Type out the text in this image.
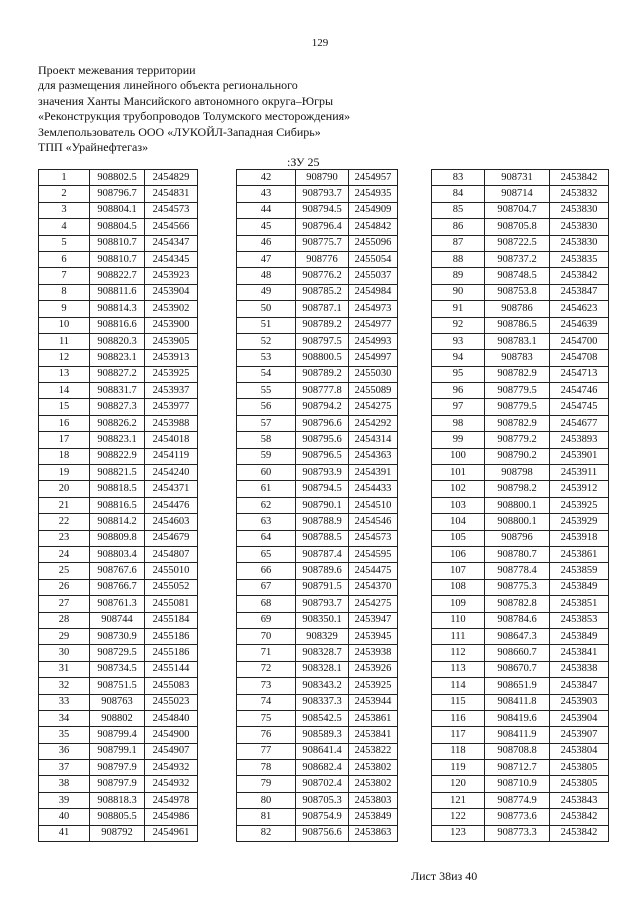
129
Проект межевания территории
для размещения линейного объекта регионального
значения Ханты Мансийского автономного округа–Югры
«Реконструкция трубопроводов Толумского месторождения»
Землепользователь ООО «ЛУКОЙЛ-Западная Сибирь»
ТПП «Урайнефтегаз»
:ЗУ 25
1	908802.5	2454829
2	908796.7	2454831
3	908804.1	2454573
4	908804.5	2454566
5	908810.7	2454347
6	908810.7	2454345
7	908822.7	2453923
8	908811.6	2453904
9	908814.3	2453902
10	908816.6	2453900
11	908820.3	2453905
12	908823.1	2453913
13	908827.2	2453925
14	908831.7	2453937
15	908827.3	2453977
16	908826.2	2453988
17	908823.1	2454018
18	908822.9	2454119
19	908821.5	2454240
20	908818.5	2454371
21	908816.5	2454476
22	908814.2	2454603
23	908809.8	2454679
24	908803.4	2454807
25	908767.6	2455010
26	908766.7	2455052
27	908761.3	2455081
28	908744	2455184
29	908730.9	2455186
30	908729.5	2455186
31	908734.5	2455144
32	908751.5	2455083
33	908763	2455023
34	908802	2454840
35	908799.4	2454900
36	908799.1	2454907
37	908797.9	2454932
38	908797.9	2454932
39	908818.3	2454978
40	908805.5	2454986
41	908792	2454961
42	908790	2454957
43	908793.7	2454935
44	908794.5	2454909
45	908796.4	2454842
46	908775.7	2455096
47	908776	2455054
48	908776.2	2455037
49	908785.2	2454984
50	908787.1	2454973
51	908789.2	2454977
52	908797.5	2454993
53	908800.5	2454997
54	908789.2	2455030
55	908777.8	2455089
56	908794.2	2454275
57	908796.6	2454292
58	908795.6	2454314
59	908796.5	2454363
60	908793.9	2454391
61	908794.5	2454433
62	908790.1	2454510
63	908788.9	2454546
64	908788.5	2454573
65	908787.4	2454595
66	908789.6	2454475
67	908791.5	2454370
68	908793.7	2454275
69	908350.1	2453947
70	908329	2453945
71	908328.7	2453938
72	908328.1	2453926
73	908343.2	2453925
74	908337.3	2453944
75	908542.5	2453861
76	908589.3	2453841
77	908641.4	2453822
78	908682.4	2453802
79	908702.4	2453802
80	908705.3	2453803
81	908754.9	2453849
82	908756.6	2453863
83	908731	2453842
84	908714	2453832
85	908704.7	2453830
86	908705.8	2453830
87	908722.5	2453830
88	908737.2	2453835
89	908748.5	2453842
90	908753.8	2453847
91	908786	2454623
92	908786.5	2454639
93	908783.1	2454700
94	908783	2454708
95	908782.9	2454713
96	908779.5	2454746
97	908779.5	2454745
98	908782.9	2454677
99	908779.2	2453893
100	908790.2	2453901
101	908798	2453911
102	908798.2	2453912
103	908800.1	2453925
104	908800.1	2453929
105	908796	2453918
106	908780.7	2453861
107	908778.4	2453859
108	908775.3	2453849
109	908782.8	2453851
110	908784.6	2453853
111	908647.3	2453849
112	908660.7	2453841
113	908670.7	2453838
114	908651.9	2453847
115	908411.8	2453903
116	908419.6	2453904
117	908411.9	2453907
118	908708.8	2453804
119	908712.7	2453805
120	908710.9	2453805
121	908774.9	2453843
122	908773.6	2453842
123	908773.3	2453842
Лист 38из 40
